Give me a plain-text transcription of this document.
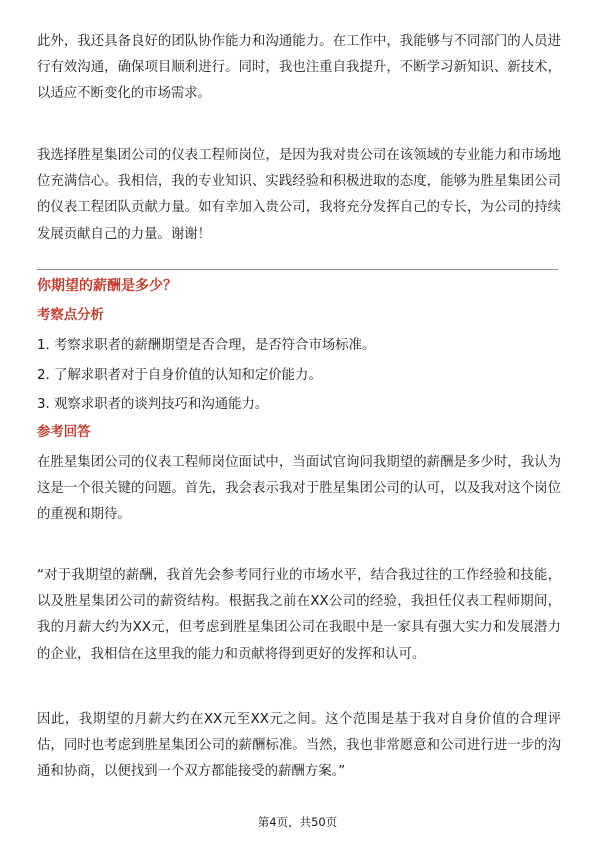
此外，我还具备良好的团队协作能力和沟通能力。在工作中，我能够与不同部门的人员进行有效沟通，确保项目顺利进行。同时，我也注重自我提升，不断学习新知识、新技术，以适应不断变化的市场需求。

我选择胜星集团公司的仪表工程师岗位，是因为我对贵公司在该领域的专业能力和市场地位充满信心。我相信，我的专业知识、实践经验和积极进取的态度，能够为胜星集团公司的仪表工程团队贡献力量。如有幸加入贵公司，我将充分发挥自己的专长，为公司的持续发展贡献自己的力量。谢谢！

你期望的薪酬是多少？
考察点分析
1. 考察求职者的薪酬期望是否合理，是否符合市场标准。
2. 了解求职者对于自身价值的认知和定价能力。
3. 观察求职者的谈判技巧和沟通能力。
参考回答

在胜星集团公司的仪表工程师岗位面试中，当面试官询问我期望的薪酬是多少时，我认为这是一个很关键的问题。首先，我会表示我对于胜星集团公司的认可，以及我对这个岗位的重视和期待。

“对于我期望的薪酬，我首先会参考同行业的市场水平，结合我过往的工作经验和技能，以及胜星集团公司的薪资结构。根据我之前在XX公司的经验，我担任仪表工程师期间，我的月薪大约为XX元，但考虑到胜星集团公司在我眼中是一家具有强大实力和发展潜力的企业，我相信在这里我的能力和贡献将得到更好的发挥和认可。

因此，我期望的月薪大约在XX元至XX元之间。这个范围是基于我对自身价值的合理评估，同时也考虑到胜星集团公司的薪酬标准。当然，我也非常愿意和公司进行进一步的沟通和协商，以便找到一个双方都能接受的薪酬方案。”

第4页，共50页
